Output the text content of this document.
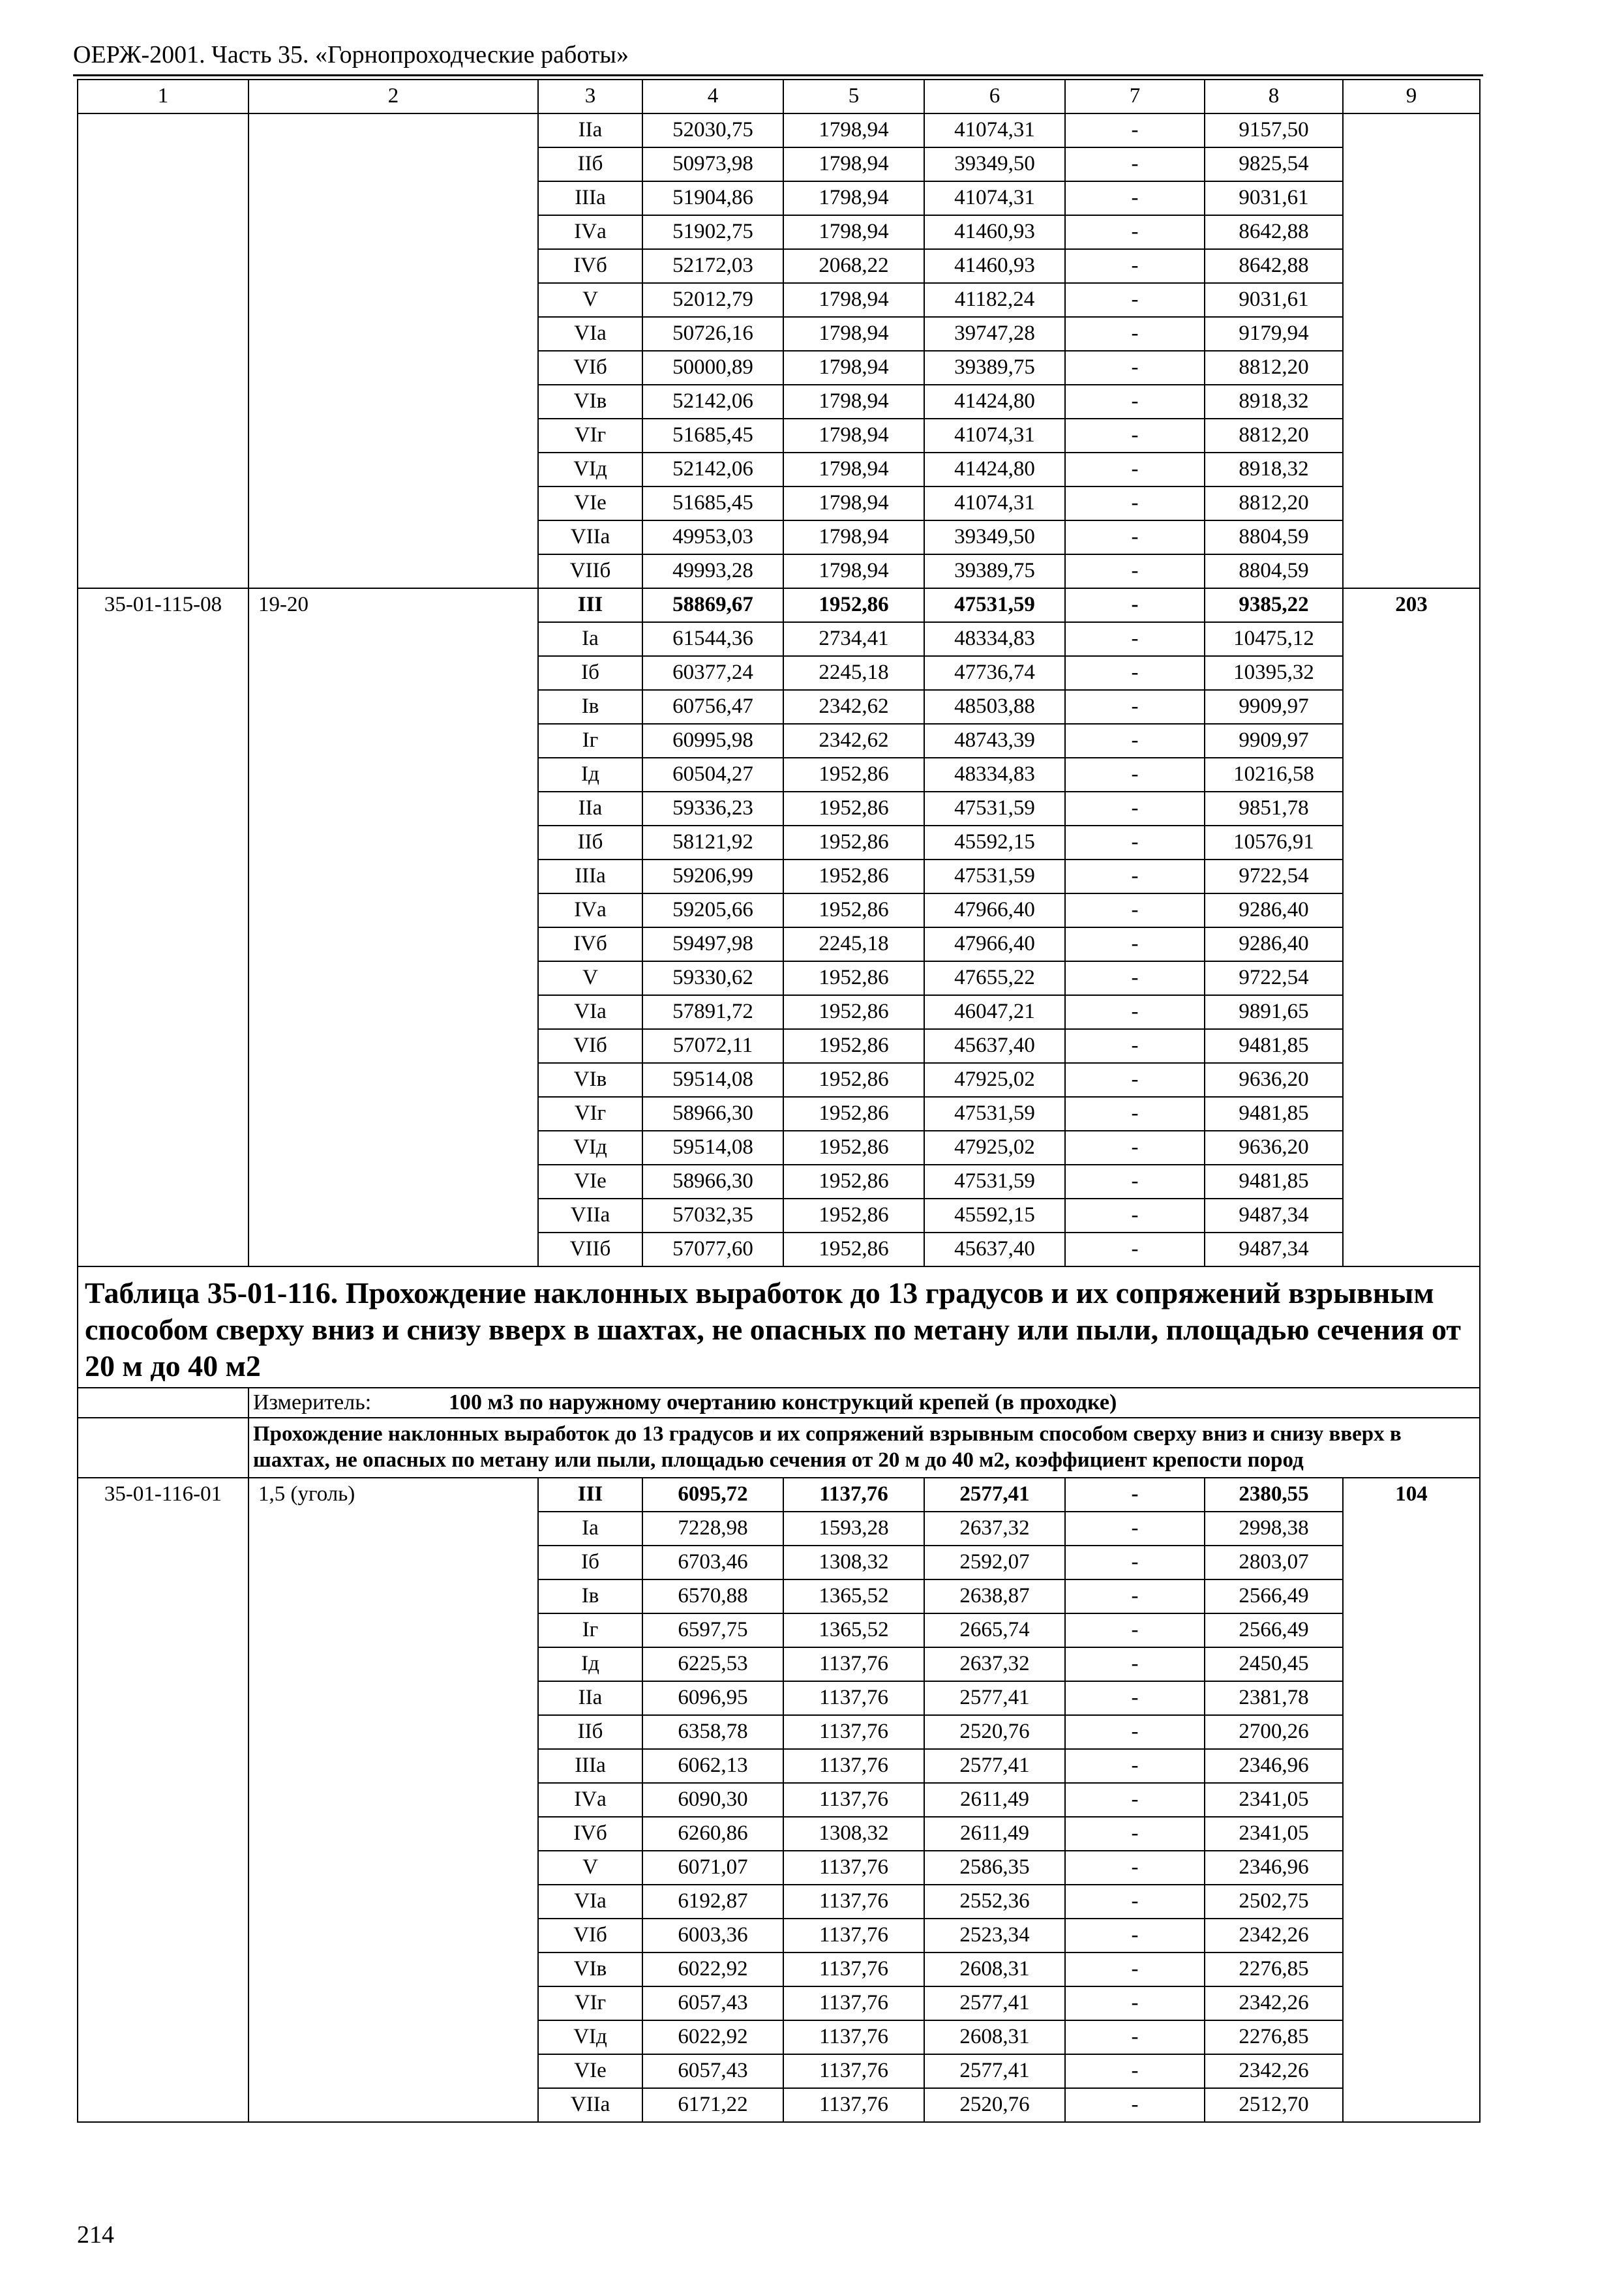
ОЕРЖ-2001. Часть 35. «Горнопроходческие работы»
1	2	3	4	5	6	7	8	9
		IIа	52030,75	1798,94	41074,31	-	9157,50	
		IIб	50973,98	1798,94	39349,50	-	9825,54	
		IIIа	51904,86	1798,94	41074,31	-	9031,61	
		IVа	51902,75	1798,94	41460,93	-	8642,88	
		IVб	52172,03	2068,22	41460,93	-	8642,88	
		V	52012,79	1798,94	41182,24	-	9031,61	
		VIа	50726,16	1798,94	39747,28	-	9179,94	
		VIб	50000,89	1798,94	39389,75	-	8812,20	
		VIв	52142,06	1798,94	41424,80	-	8918,32	
		VIг	51685,45	1798,94	41074,31	-	8812,20	
		VIд	52142,06	1798,94	41424,80	-	8918,32	
		VIе	51685,45	1798,94	41074,31	-	8812,20	
		VIIа	49953,03	1798,94	39349,50	-	8804,59	
		VIIб	49993,28	1798,94	39389,75	-	8804,59	
35-01-115-08	19-20	III	58869,67	1952,86	47531,59	-	9385,22	203
		Iа	61544,36	2734,41	48334,83	-	10475,12	
		Iб	60377,24	2245,18	47736,74	-	10395,32	
		Iв	60756,47	2342,62	48503,88	-	9909,97	
		Iг	60995,98	2342,62	48743,39	-	9909,97	
		Iд	60504,27	1952,86	48334,83	-	10216,58	
		IIа	59336,23	1952,86	47531,59	-	9851,78	
		IIб	58121,92	1952,86	45592,15	-	10576,91	
		IIIа	59206,99	1952,86	47531,59	-	9722,54	
		IVа	59205,66	1952,86	47966,40	-	9286,40	
		IVб	59497,98	2245,18	47966,40	-	9286,40	
		V	59330,62	1952,86	47655,22	-	9722,54	
		VIа	57891,72	1952,86	46047,21	-	9891,65	
		VIб	57072,11	1952,86	45637,40	-	9481,85	
		VIв	59514,08	1952,86	47925,02	-	9636,20	
		VIг	58966,30	1952,86	47531,59	-	9481,85	
		VIд	59514,08	1952,86	47925,02	-	9636,20	
		VIе	58966,30	1952,86	47531,59	-	9481,85	
		VIIа	57032,35	1952,86	45592,15	-	9487,34	
		VIIб	57077,60	1952,86	45637,40	-	9487,34	
Таблица 35-01-116. Прохождение наклонных выработок до 13 градусов и их сопряжений взрывным способом сверху вниз и снизу вверх в шахтах, не опасных по метану или пыли, площадью сечения от 20 м до 40 м2								
	Измеритель: 100 м3 по наружному очертанию конструкций крепей (в проходке)							
	Прохождение наклонных выработок до 13 градусов и их сопряжений взрывным способом сверху вниз и снизу вверх в шахтах, не опасных по метану или пыли, площадью сечения от 20 м до 40 м2, коэффициент крепости пород							
35-01-116-01	1,5 (уголь)	III	6095,72	1137,76	2577,41	-	2380,55	104
		Iа	7228,98	1593,28	2637,32	-	2998,38	
		Iб	6703,46	1308,32	2592,07	-	2803,07	
		Iв	6570,88	1365,52	2638,87	-	2566,49	
		Iг	6597,75	1365,52	2665,74	-	2566,49	
		Iд	6225,53	1137,76	2637,32	-	2450,45	
		IIа	6096,95	1137,76	2577,41	-	2381,78	
		IIб	6358,78	1137,76	2520,76	-	2700,26	
		IIIа	6062,13	1137,76	2577,41	-	2346,96	
		IVа	6090,30	1137,76	2611,49	-	2341,05	
		IVб	6260,86	1308,32	2611,49	-	2341,05	
		V	6071,07	1137,76	2586,35	-	2346,96	
		VIа	6192,87	1137,76	2552,36	-	2502,75	
		VIб	6003,36	1137,76	2523,34	-	2342,26	
		VIв	6022,92	1137,76	2608,31	-	2276,85	
		VIг	6057,43	1137,76	2577,41	-	2342,26	
		VIд	6022,92	1137,76	2608,31	-	2276,85	
		VIе	6057,43	1137,76	2577,41	-	2342,26	
		VIIа	6171,22	1137,76	2520,76	-	2512,70	
214
